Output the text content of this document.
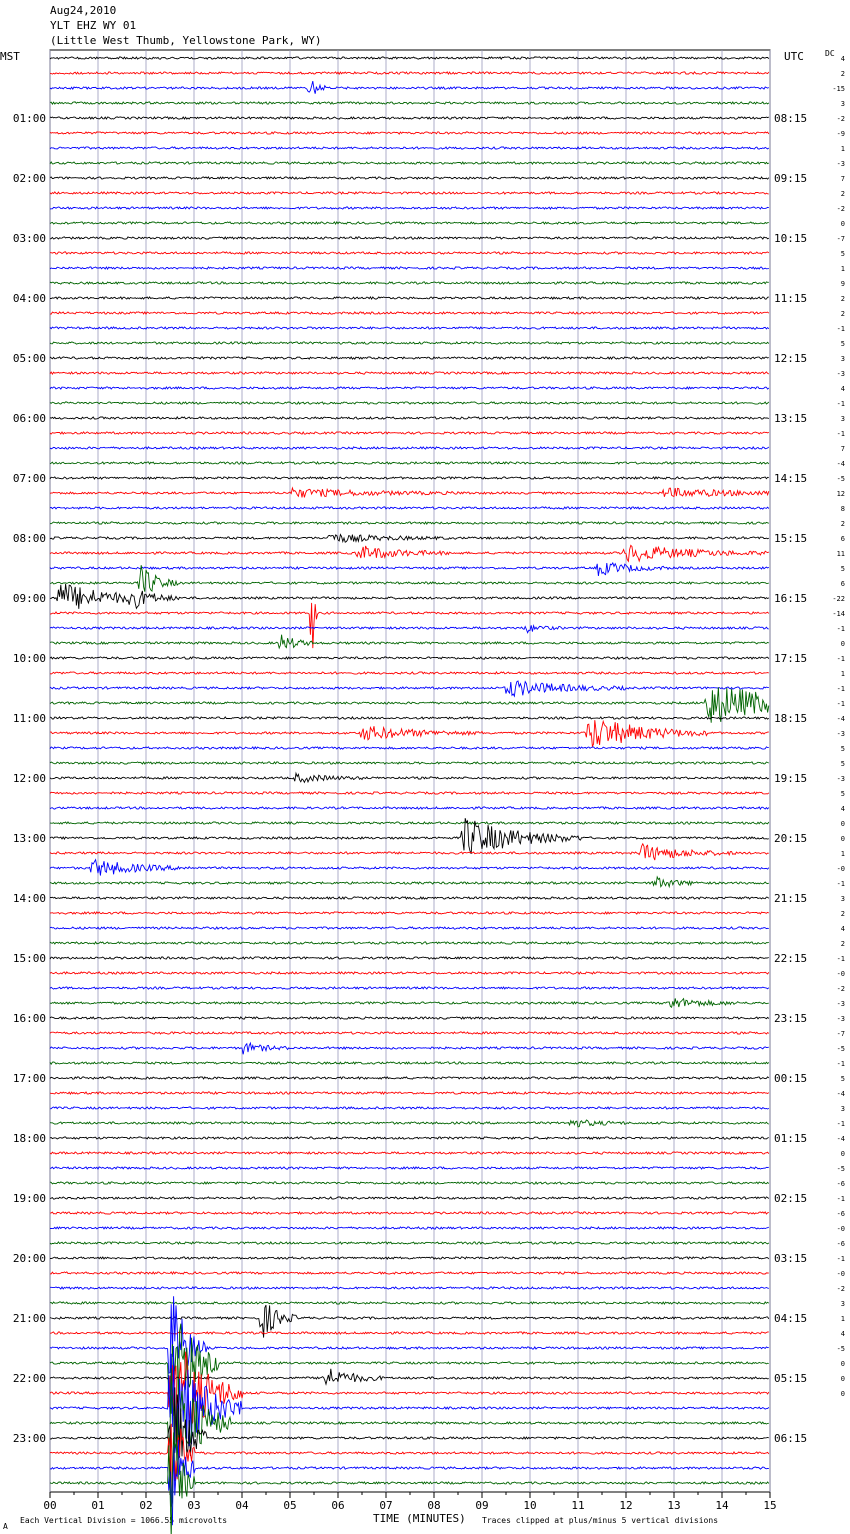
Aug24,2010
YLT EHZ WY 01
(Little West Thumb, Yellowstone Park, WY)
MST	UTC	DC
TIME (MINUTES)
Each Vertical Division = 1066.55 microvolts	Traces clipped at plus/minus 5 vertical divisions
A
00	01	02	03	04	05	06	07	08	09	10	11	12	13	14	15
01:00
02:00
03:00
04:00
05:00
06:00
07:00
08:00
09:00
10:00
11:00
12:00
13:00
14:00
15:00
16:00
17:00
18:00
19:00
20:00
21:00
22:00
23:00
08:15
09:15
10:15
11:15
12:15
13:15
14:15
15:15
16:15
17:15
18:15
19:15
20:15
21:15
22:15
23:15
00:15
01:15
02:15
03:15
04:15
05:15
06:15
4
2
-15
3
-2
-9
1
-3
7
2
-2
0
-7
5
1
9
2
2
-1
5
3
-3
4
-1
3
-1
7
-4
-5
12
8
2
6
11
5
6
-22
-14
-1
0
-1
1
-1
-1
-4
-3
5
5
-3
5
4
0
0
1
-0
-1
3
2
4
2
-1
-0
-2
-3
-3
-7
-5
-1
5
-4
3
-1
-4
0
-5
-6
-1
-6
-0
-6
-1
-0
-2
3
1
4
-5
0
0
0
